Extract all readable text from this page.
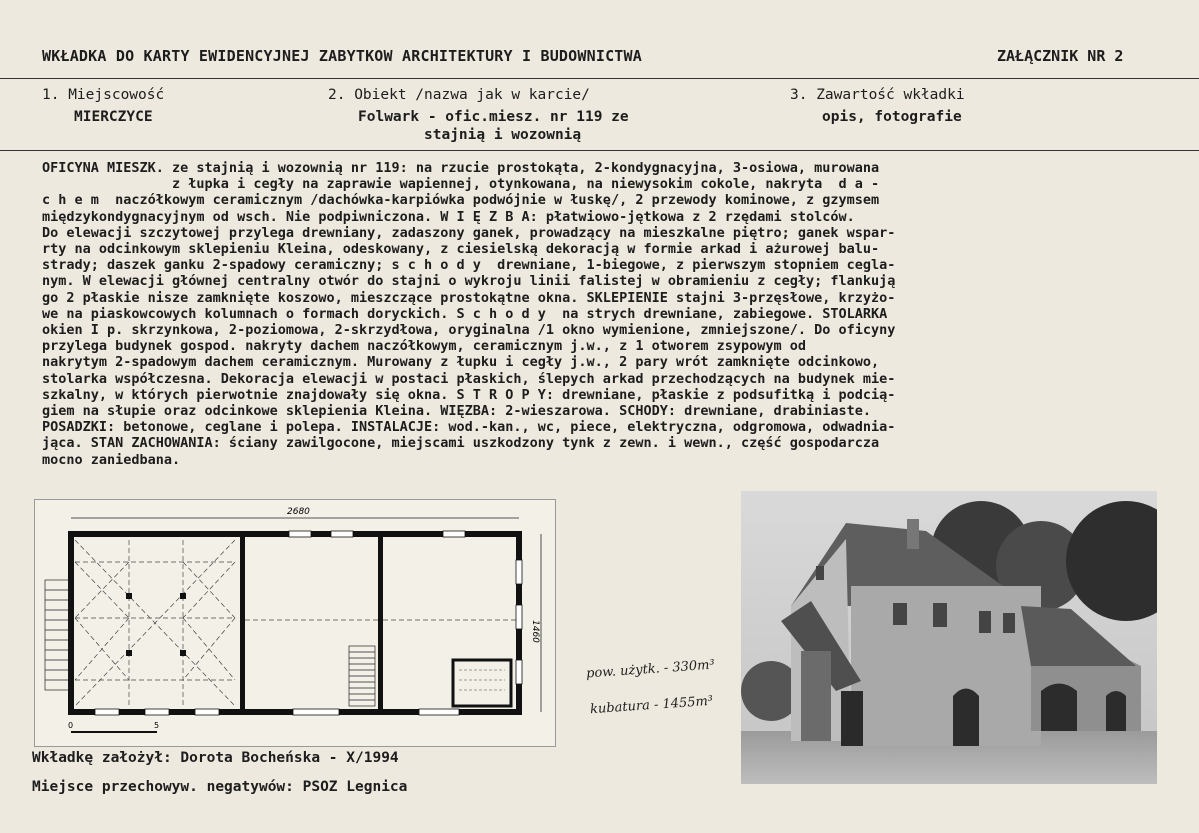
WKŁADKA DO KARTY EWIDENCYJNEJ ZABYTKOW ARCHITEKTURY I BUDOWNICTWA	ZAŁĄCZNIK NR 2
1. Miejscowość
MIERCZYCE
2. Obiekt /nazwa jak w karcie/
Folwark - ofic.miesz. nr 119 ze
stajnią i wozownią
3. Zawartość wkładki
opis, fotografie
OFICYNA MIESZK. ze stajnią i wozownią nr 119: na rzucie prostokąta, 2-kondygnacyjna, 3-osiowa, murowana
z łupka i cegły na zaprawie wapiennej, otynkowana, na niewysokim cokole, nakryta  d a -
c h e m  naczółkowym ceramicznym /dachówka-karpiówka podwójnie w łuskę/, 2 przewody kominowe, z gzymsem
międzykondygnacyjnym od wsch. Nie podpiwniczona. W I Ę Z B A: płatwiowo-jętkowa z 2 rzędami stolców.
Do elewacji szczytowej przylega drewniany, zadaszony ganek, prowadzący na mieszkalne piętro; ganek wspar-
rty na odcinkowym sklepieniu Kleina, odeskowany, z ciesielską dekoracją w formie arkad i ażurowej balu-
strady; daszek ganku 2-spadowy ceramiczny; s c h o d y  drewniane, 1-biegowe, z pierwszym stopniem cegla-
nym. W elewacji głównej centralny otwór do stajni o wykroju linii falistej w obramieniu z cegły; flankują
go 2 płaskie nisze zamknięte koszowo, mieszczące prostokątne okna. SKLEPIENIE stajni 3-przęsłowe, krzyżo-
we na piaskowcowych kolumnach o formach doryckich. S c h o d y  na strych drewniane, zabiegowe. STOLARKA
okien I p. skrzynkowa, 2-poziomowa, 2-skrzydłowa, oryginalna /1 okno wymienione, zmniejszone/. Do oficyny
przylega budynek gospod. nakryty dachem naczółkowym, ceramicznym j.w., z 1 otworem zsypowym od
nakrytym 2-spadowym dachem ceramicznym. Murowany z łupku i cegły j.w., 2 pary wrót zamknięte odcinkowo,
stolarka współczesna. Dekoracja elewacji w postaci płaskich, ślepych arkad przechodzących na budynek mie-
szkalny, w których pierwotnie znajdowały się okna. S T R O P Y: drewniane, płaskie z podsufitką i podcią-
giem na słupie oraz odcinkowe sklepienia Kleina. WIĘZBA: 2-wieszarowa. SCHODY: drewniane, drabiniaste.
POSADZKI: betonowe, ceglane i polepa. INSTALACJE: wod.-kan., wc, piece, elektryczna, odgromowa, odwadnia-
jąca. STAN ZACHOWANIA: ściany zawilgocone, miejscami uszkodzony tynk z zewn. i wewn., część gospodarcza
mocno zaniedbana.
2680
1460
0	5
pow. użytk. - 330m³
kubatura - 1455m³
Wkładkę założył: Dorota Bocheńska - X/1994
Miejsce przechowyw. negatywów: PSOZ Legnica
